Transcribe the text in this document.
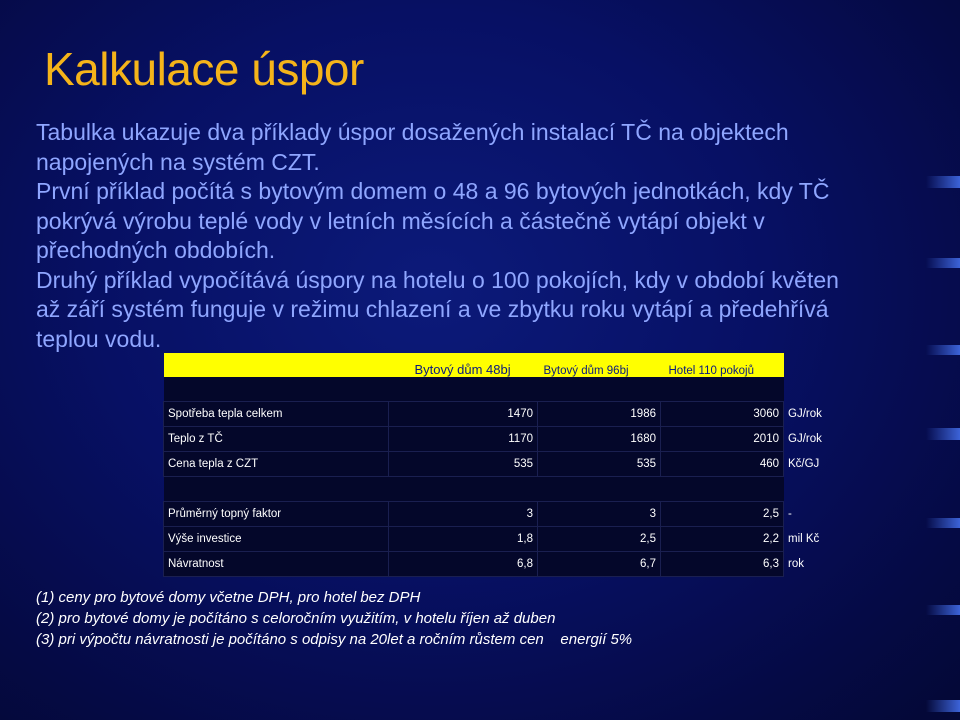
Kalkulace úspor

Tabulka ukazuje dva příklady úspor dosažených instalací TČ na objektech

napojených na systém CZT.

První příklad počítá s bytovým domem o 48 a 96 bytových jednotkách, kdy TČ

pokrývá výrobu teplé vody v letních měsících a částečně vytápí objekt v

přechodných obdobích.

Druhý příklad vypočítává úspory na hotelu o 100 pokojích, kdy v období květen

až září systém funguje v režimu chlazení a ve zbytku roku vytápí a předehřívá

teplou vodu.

	Bytový dům 48bj	Bytový dům 96bj	Hotel 110 pokojů	

Spotřeba tepla celkem	1470	1986	3060	GJ/rok
Teplo z TČ	1170	1680	2010	GJ/rok
Cena tepla z CZT	535	535	460	Kč/GJ

Průměrný topný faktor	3	3	2,5	-
Výše investice	1,8	2,5	2,2	mil Kč
Návratnost	6,8	6,7	6,3	rok

(1) ceny pro bytové domy včetne DPH, pro hotel bez DPH

(2) pro bytové domy je počítáno s celoročním využitím, v hotelu říjen až duben

(3) pri výpočtu návratnosti je počítáno s odpisy na 20let a ročním růstem cen    energií 5%
